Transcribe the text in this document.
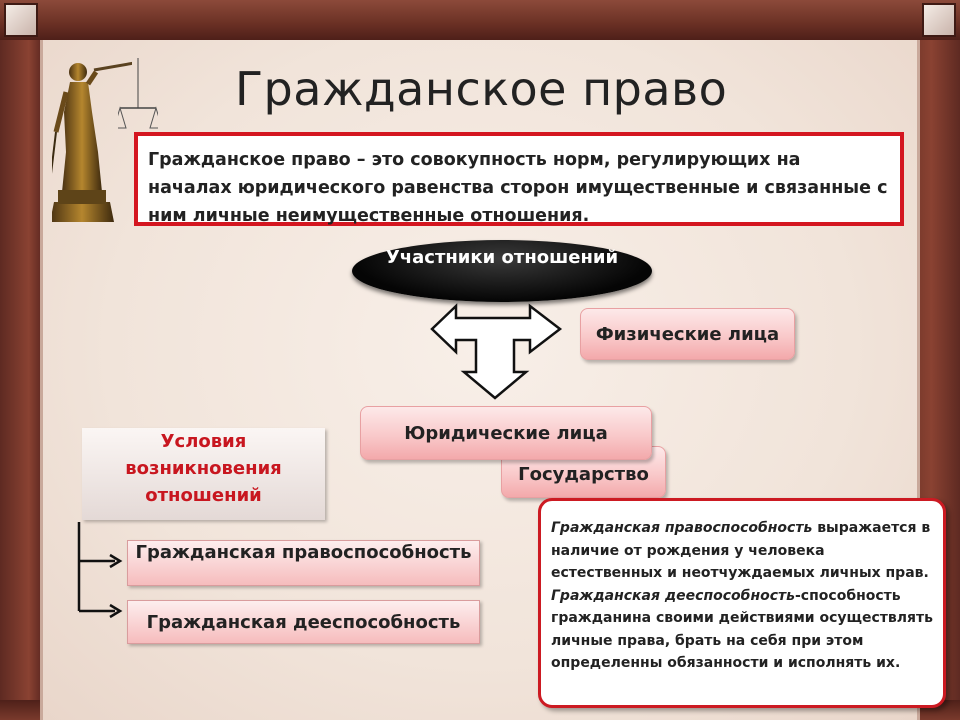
Гражданское право
Гражданское право – это совокупность норм, регулирующих на началах юридического равенства сторон имущественные и связанные с ним личные неимущественные отношения.
Участники отношений
Физические лица
Государство
Юридические лица
Условия возникновения отношений
Гражданская правоспособность
Гражданская дееспособность
Гражданская правоспособность выражается в наличие от рождения у человека естественных и неотчуждаемых личных прав.
Гражданская дееспособность-способность гражданина своими действиями осуществлять личные права, брать на себя при этом определенны обязанности и исполнять их.
